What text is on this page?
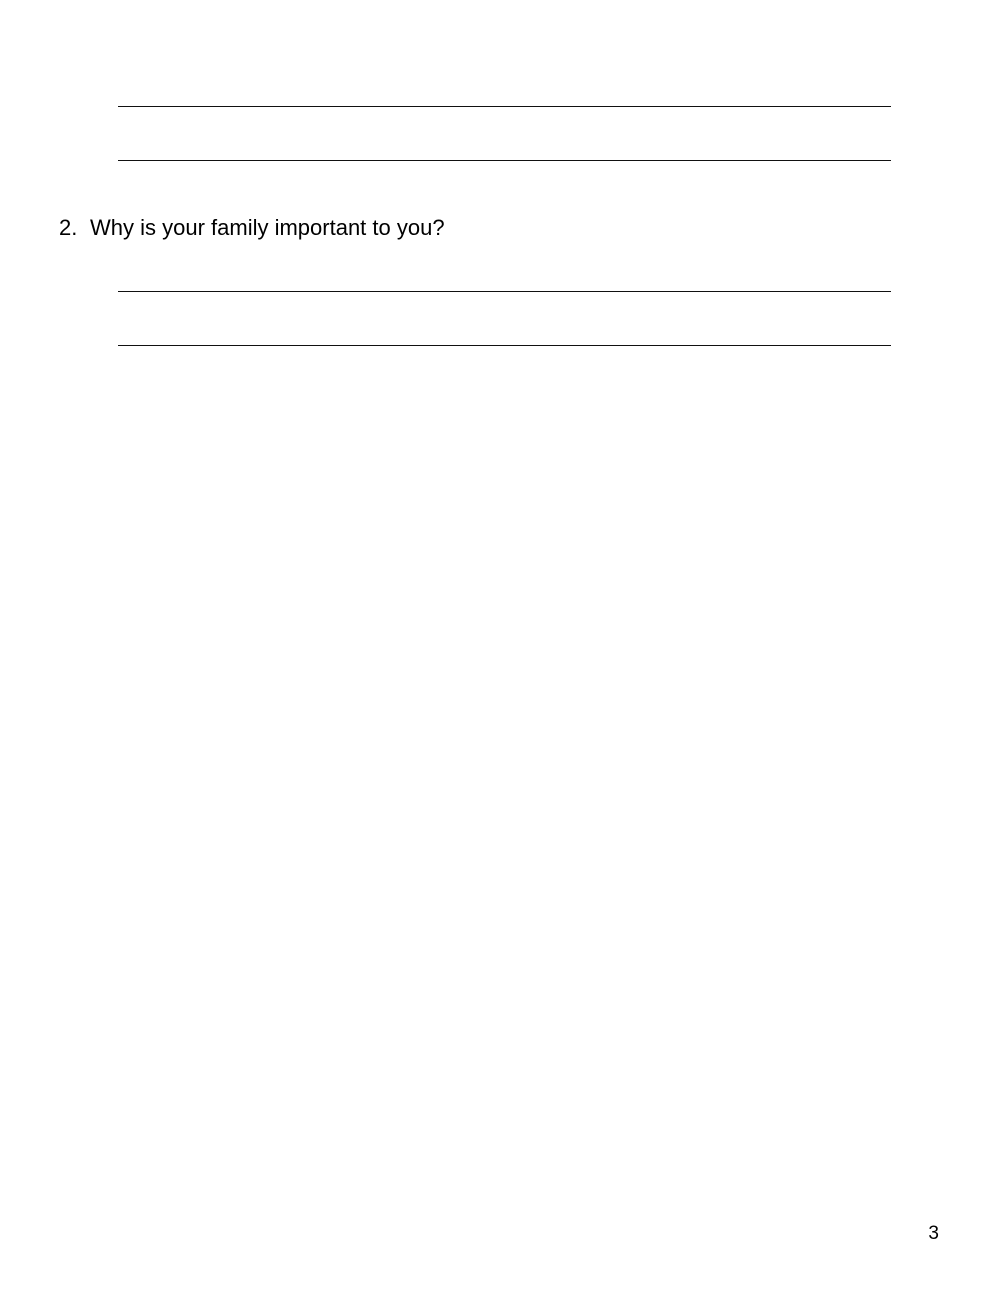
2. Why is your family important to you?
3
